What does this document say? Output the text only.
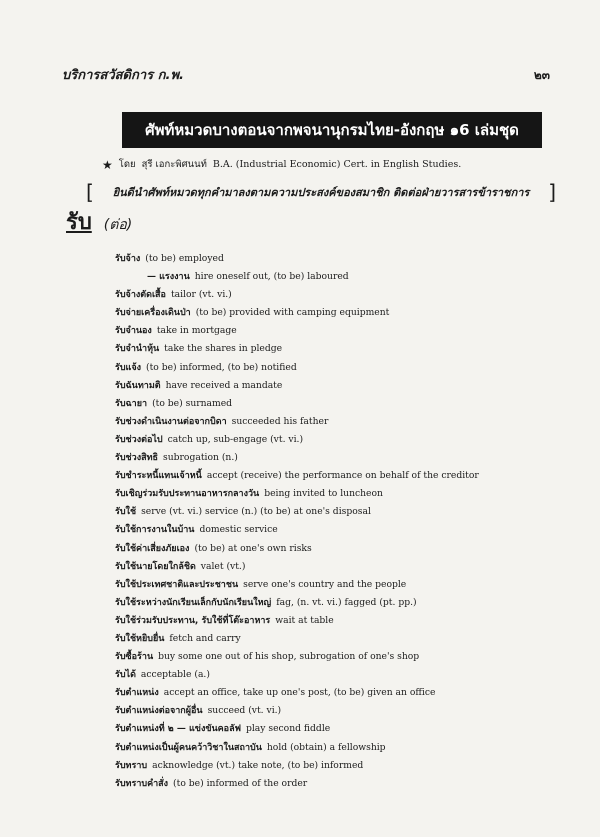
บริการสวัสดิการ ก.พ.	๒๓
ศัพท์หมวดบางตอนจากพจนานุกรมไทย-อังกฤษ ๑6 เล่มชุด
★ โดย สุรี เอกะพิศนนท์ B.A. (Industrial Economic) Cert. in English Studies.
[	ยินดีนำศัพท์หมวดทุกคำมาลงตามความประสงค์ของสมาชิก ติดต่อฝ่ายวารสารข้าราชการ ]
รับ (ต่อ)
รับจ้าง (to be) employed
— แรงงาน hire oneself out, (to be) laboured
รับจ้างตัดเสื้อ tailor (vt. vi.)
รับจ่ายเครื่องเดินป่า (to be) provided with camping equipment
รับจำนอง take in mortgage
รับจำนำหุ้น take the shares in pledge
รับแจ้ง (to be) informed, (to be) notified
รับฉันทามติ have received a mandate
รับฉายา (to be) surnamed
รับช่วงดำเนินงานต่อจากบิดา succeeded his father
รับช่วงต่อไป catch up, sub-engage (vt. vi.)
รับช่วงสิทธิ subrogation (n.)
รับชำระหนี้แทนเจ้าหนี้ accept (receive) the performance on behalf of the creditor
รับเชิญร่วมรับประทานอาหารกลางวัน being invited to luncheon
รับใช้ serve (vt. vi.) service (n.) (to be) at one's disposal
รับใช้การงานในบ้าน domestic service
รับใช้ค่าเสี่ยงภัยเอง (to be) at one's own risks
รับใช้นายโดยใกล้ชิด valet (vt.)
รับใช้ประเทศชาติและประชาชน serve one's country and the people
รับใช้ระหว่างนักเรียนเล็กกับนักเรียนใหญ่ fag, (n. vt. vi.) fagged (pt. pp.)
รับใช้ร่วมรับประทาน, รับใช้ที่โต๊ะอาหาร wait at table
รับใช้หยิบยื่น fetch and carry
รับซื้อร้าน buy some one out of his shop, subrogation of one's shop
รับได้ acceptable (a.)
รับตำแหน่ง accept an office, take up one's post, (to be) given an office
รับตำแหน่งต่อจากผู้อื่น succeed (vt. vi.)
รับตำแหน่งที่ ๒ — แข่งขันคอลัฟ play second fiddle
รับตำแหน่งเป็นผู้คนคว้าวิชาในสถาบัน hold (obtain) a fellowship
รับทราบ acknowledge (vt.) take note, (to be) informed
รับทราบคำสั่ง (to be) informed of the order
